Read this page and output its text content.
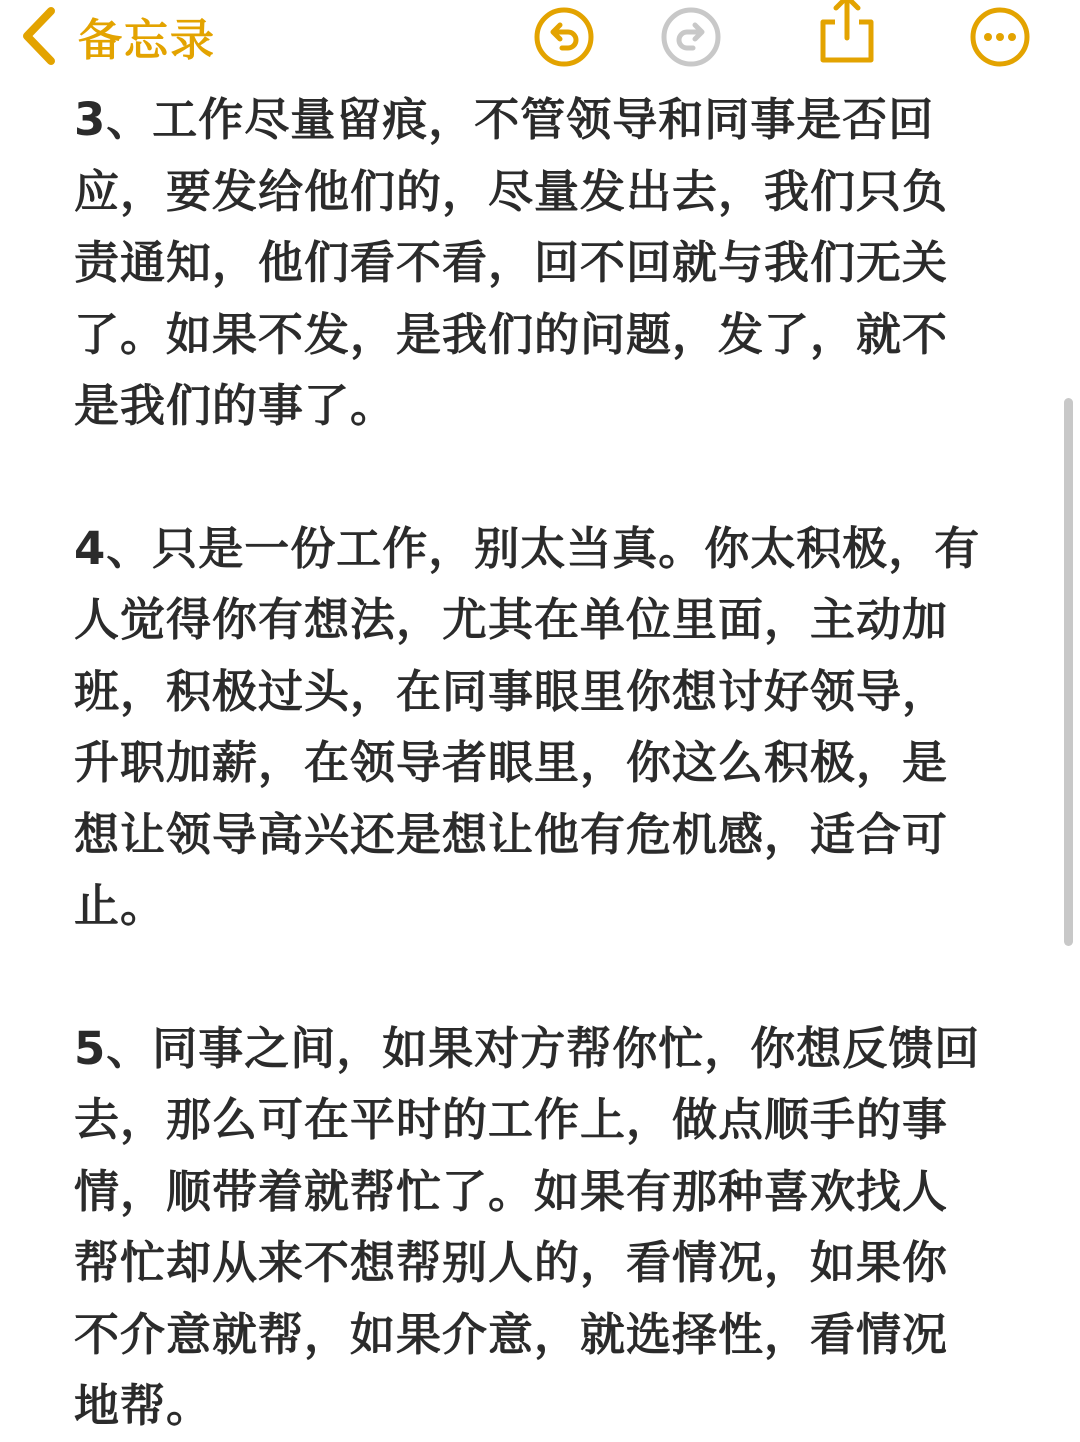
备忘录

3、工作尽量留痕，不管领导和同事是否回
应，要发给他们的，尽量发出去，我们只负
责通知，他们看不看，回不回就与我们无关
了。如果不发，是我们的问题，发了，就不
是我们的事了。

4、只是一份工作，别太当真。你太积极，有
人觉得你有想法，尤其在单位里面，主动加
班，积极过头，在同事眼里你想讨好领导，
升职加薪，在领导者眼里，你这么积极，是
想让领导高兴还是想让他有危机感，适合可
止。

5、同事之间，如果对方帮你忙，你想反馈回
去，那么可在平时的工作上，做点顺手的事
情，顺带着就帮忙了。如果有那种喜欢找人
帮忙却从来不想帮别人的，看情况，如果你
不介意就帮，如果介意，就选择性，看情况
地帮。
